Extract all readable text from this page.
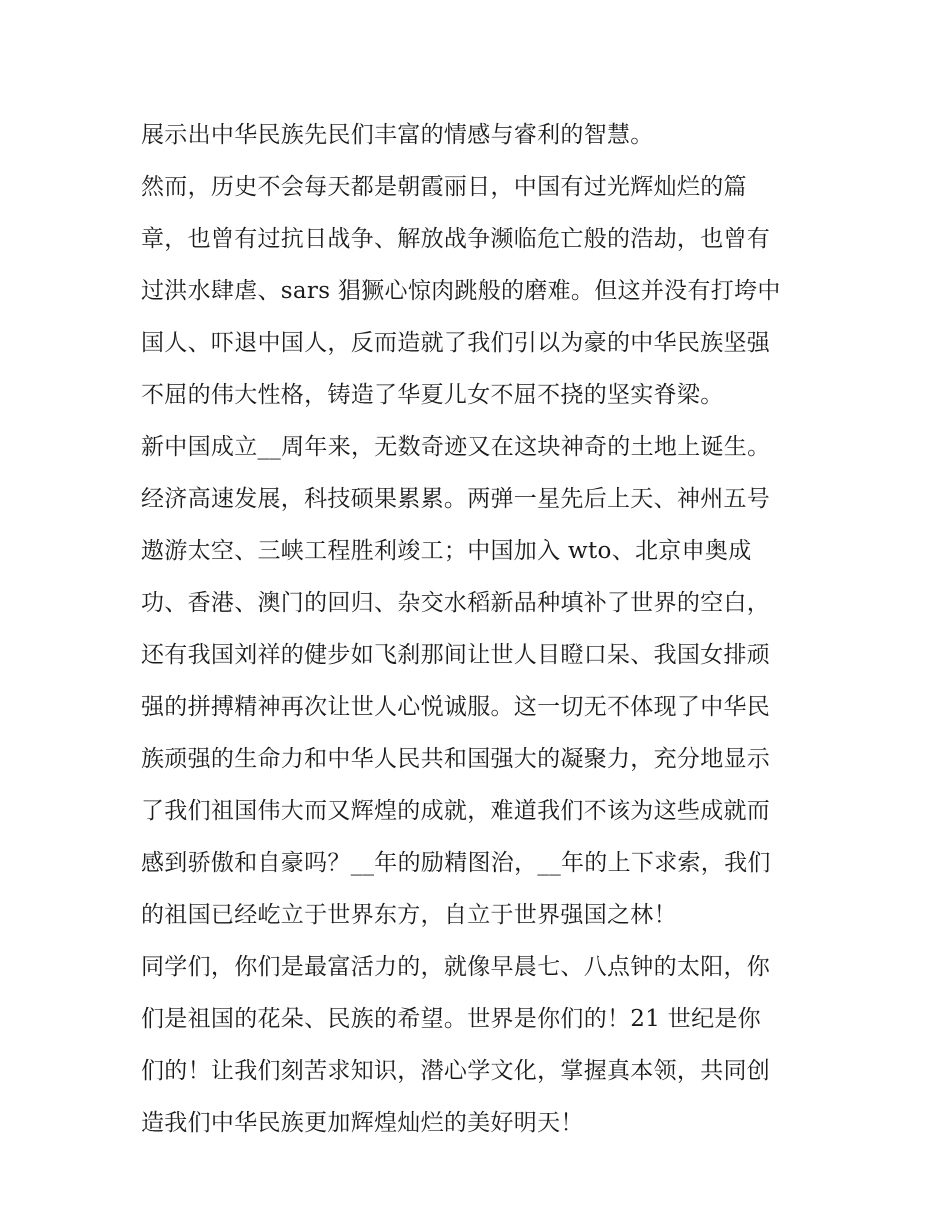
展示出中华民族先民们丰富的情感与睿利的智慧。
然而，历史不会每天都是朝霞丽日，中国有过光辉灿烂的篇
章，也曾有过抗日战争、解放战争濒临危亡般的浩劫，也曾有
过洪水肆虐、sars 猖獗心惊肉跳般的磨难。但这并没有打垮中
国人、吓退中国人，反而造就了我们引以为豪的中华民族坚强
不屈的伟大性格，铸造了华夏儿女不屈不挠的坚实脊梁。
新中国成立__周年来，无数奇迹又在这块神奇的土地上诞生。
经济高速发展，科技硕果累累。两弹一星先后上天、神州五号
遨游太空、三峡工程胜利竣工；中国加入 wto、北京申奥成
功、香港、澳门的回归、杂交水稻新品种填补了世界的空白，
还有我国刘祥的健步如飞刹那间让世人目瞪口呆、我国女排顽
强的拼搏精神再次让世人心悦诚服。这一切无不体现了中华民
族顽强的生命力和中华人民共和国强大的凝聚力，充分地显示
了我们祖国伟大而又辉煌的成就，难道我们不该为这些成就而
感到骄傲和自豪吗？__年的励精图治，__年的上下求索，我们
的祖国已经屹立于世界东方，自立于世界强国之林！
同学们，你们是最富活力的，就像早晨七、八点钟的太阳，你
们是祖国的花朵、民族的希望。世界是你们的！21 世纪是你
们的！让我们刻苦求知识，潜心学文化，掌握真本领，共同创
造我们中华民族更加辉煌灿烂的美好明天！
